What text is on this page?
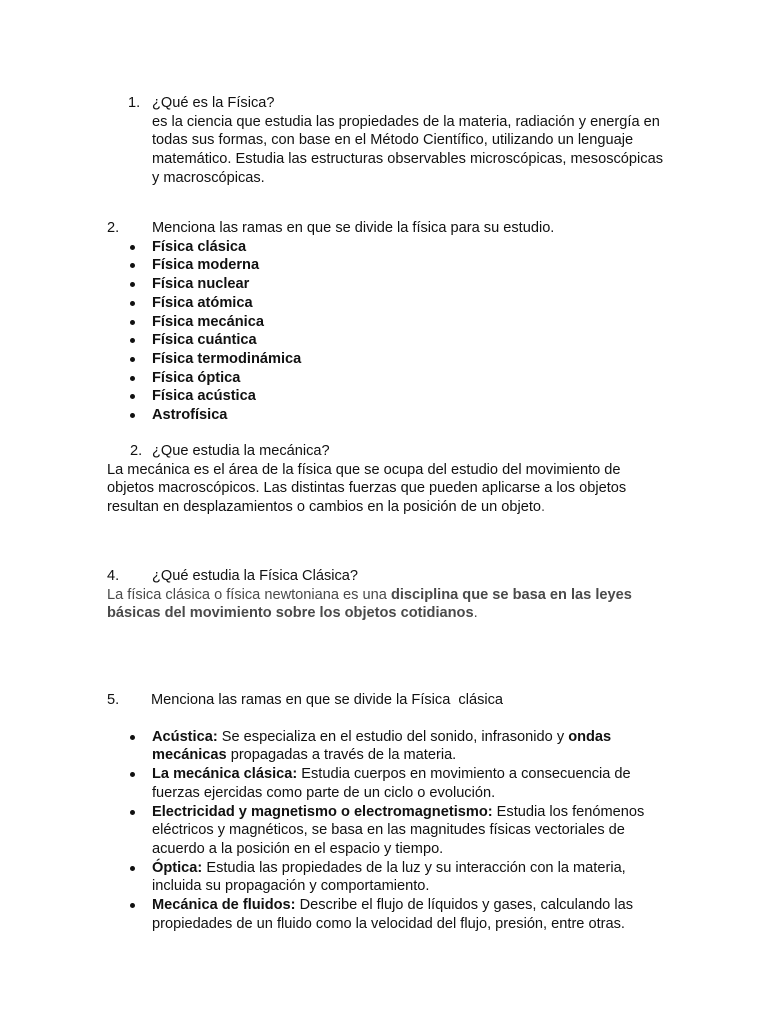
1. ¿Qué es la Física?
es la ciencia que estudia las propiedades de la materia, radiación y energía en todas sus formas, con base en el Método Científico, utilizando un lenguaje matemático. Estudia las estructuras observables microscópicas, mesoscópicas y macroscópicas.
2.	Menciona las ramas en que se divide la física para su estudio.
Física clásica
Física moderna
Física nuclear
Física atómica
Física mecánica
Física cuántica
Física termodinámica
Física óptica
Física acústica
Astrofísica
2. ¿Que estudia la mecánica?
La mecánica es el área de la física que se ocupa del estudio del movimiento de objetos macroscópicos. Las distintas fuerzas que pueden aplicarse a los objetos resultan en desplazamientos o cambios en la posición de un objeto.
4.	¿Qué estudia la Física Clásica?
La física clásica o física newtoniana es una disciplina que se basa en las leyes básicas del movimiento sobre los objetos cotidianos.
5.	Menciona las ramas en que se divide la Física  clásica
Acústica: Se especializa en el estudio del sonido, infrasonido y ondas mecánicas propagadas a través de la materia.
La mecánica clásica: Estudia cuerpos en movimiento a consecuencia de fuerzas ejercidas como parte de un ciclo o evolución.
Electricidad y magnetismo o electromagnetismo: Estudia los fenómenos eléctricos y magnéticos, se basa en las magnitudes físicas vectoriales de acuerdo a la posición en el espacio y tiempo.
Óptica: Estudia las propiedades de la luz y su interacción con la materia, incluida su propagación y comportamiento.
Mecánica de fluidos: Describe el flujo de líquidos y gases, calculando las propiedades de un fluido como la velocidad del flujo, presión, entre otras.
